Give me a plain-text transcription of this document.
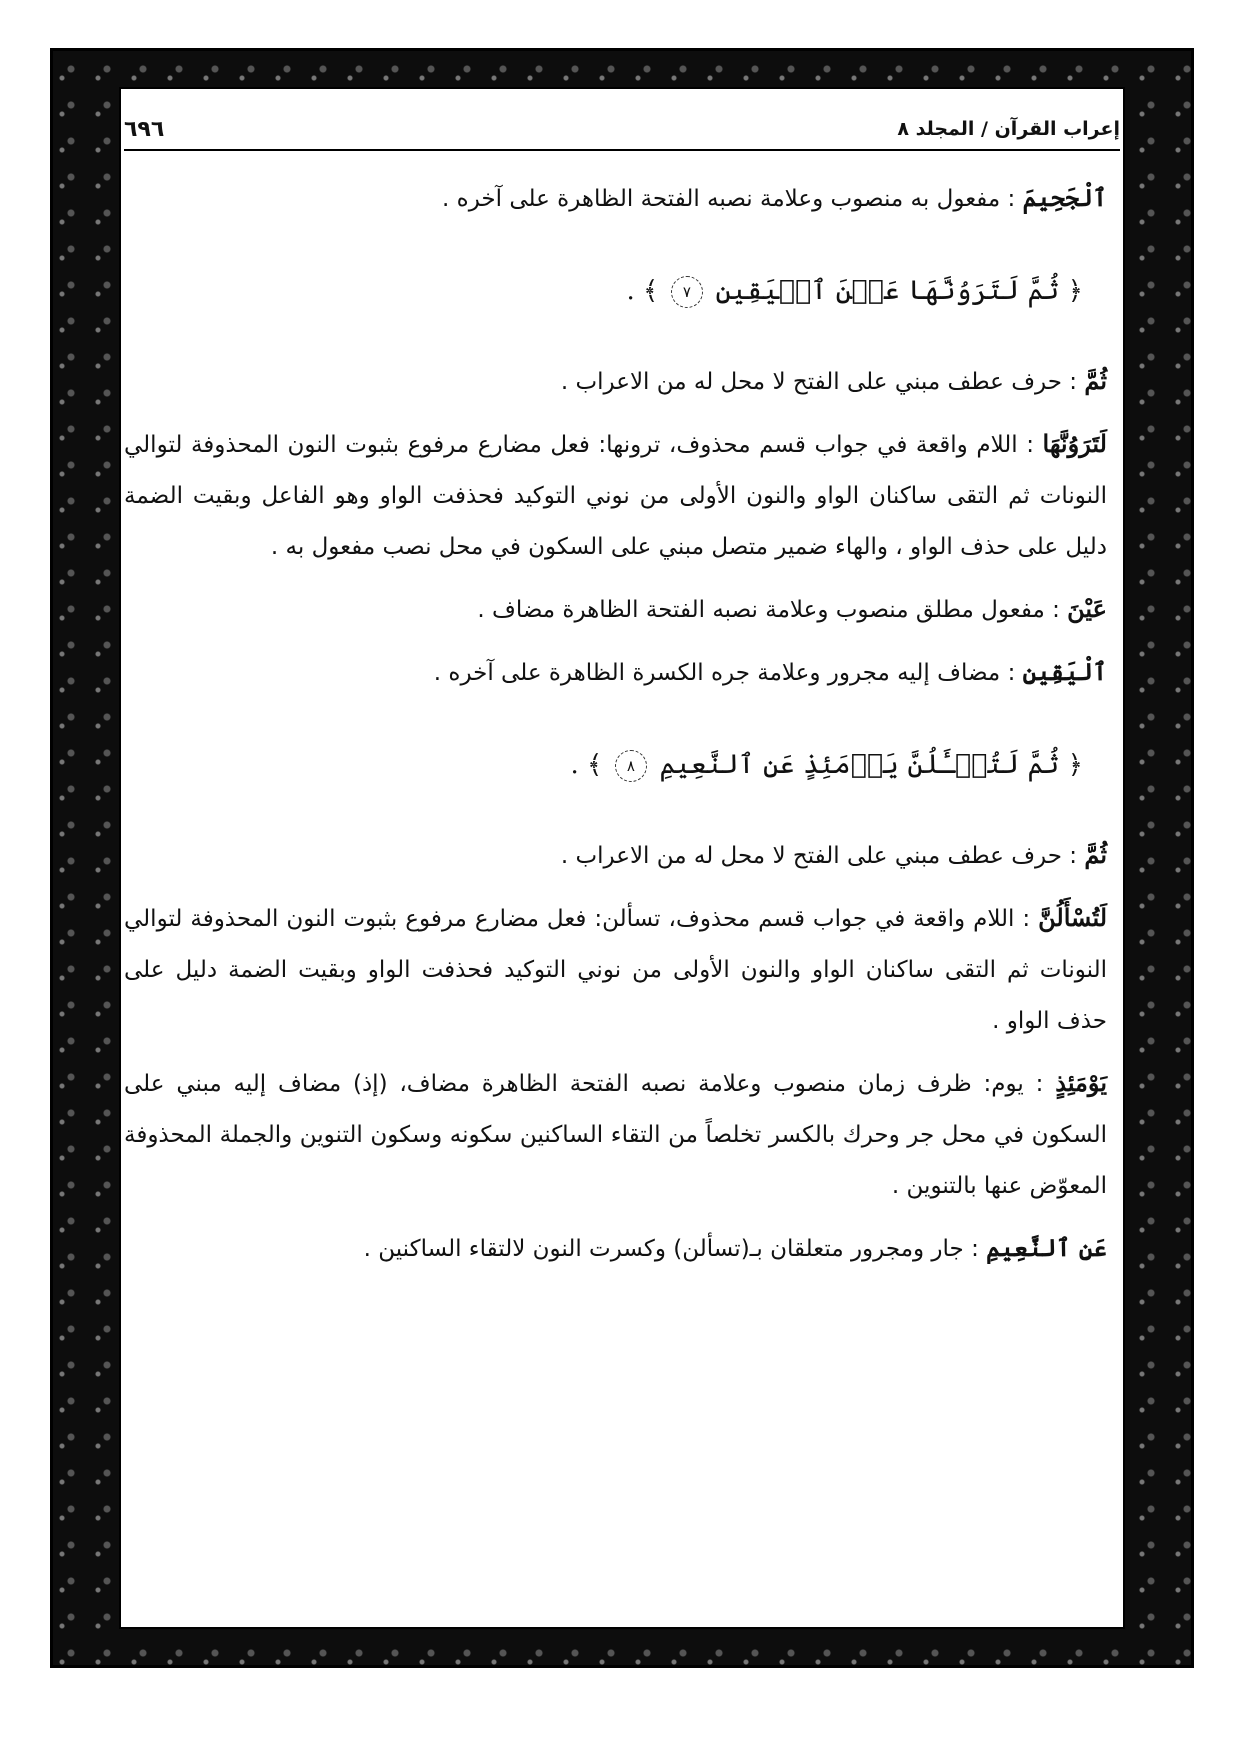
٦٩٦	إعراب القرآن / المجلد ٨

ٱلْجَحِيمَ : مفعول به منصوب وعلامة نصبه الفتحة الظاهرة على آخره .

﴿ ثُمَّ لَتَرَوُنَّهَا عَيۡنَ ٱلۡيَقِينِ ٧ ﴾ .

ثُمَّ : حرف عطف مبني على الفتح لا محل له من الاعراب .

لَتَرَوُنَّهَا : اللام واقعة في جواب قسم محذوف، ترونها: فعل مضارع مرفوع بثبوت النون المحذوفة لتوالي النونات ثم التقى ساكنان الواو والنون الأولى من نوني التوكيد فحذفت الواو وهو الفاعل وبقيت الضمة دليل على حذف الواو ، والهاء ضمير متصل مبني على السكون في محل نصب مفعول به .

عَيْنَ : مفعول مطلق منصوب وعلامة نصبه الفتحة الظاهرة مضاف .

ٱلْيَقِينِ : مضاف إليه مجرور وعلامة جره الكسرة الظاهرة على آخره .

﴿ ثُمَّ لَتُسۡـَٔلُنَّ يَوۡمَئِذٍ عَنِ ٱلنَّعِيمِ ٨ ﴾ .

ثُمَّ : حرف عطف مبني على الفتح لا محل له من الاعراب .

لَتُسْأَلُنَّ : اللام واقعة في جواب قسم محذوف، تسألن: فعل مضارع مرفوع بثبوت النون المحذوفة لتوالي النونات ثم التقى ساكنان الواو والنون الأولى من نوني التوكيد فحذفت الواو وبقيت الضمة دليل على حذف الواو .

يَوْمَئِذٍ : يوم: ظرف زمان منصوب وعلامة نصبه الفتحة الظاهرة مضاف، (إذ) مضاف إليه مبني على السكون في محل جر وحرك بالكسر تخلصاً من التقاء الساكنين سكونه وسكون التنوين والجملة المحذوفة المعوّض عنها بالتنوين .

عَنِ ٱلنَّعِيمِ : جار ومجرور متعلقان بـ(تسألن) وكسرت النون لالتقاء الساكنين .
